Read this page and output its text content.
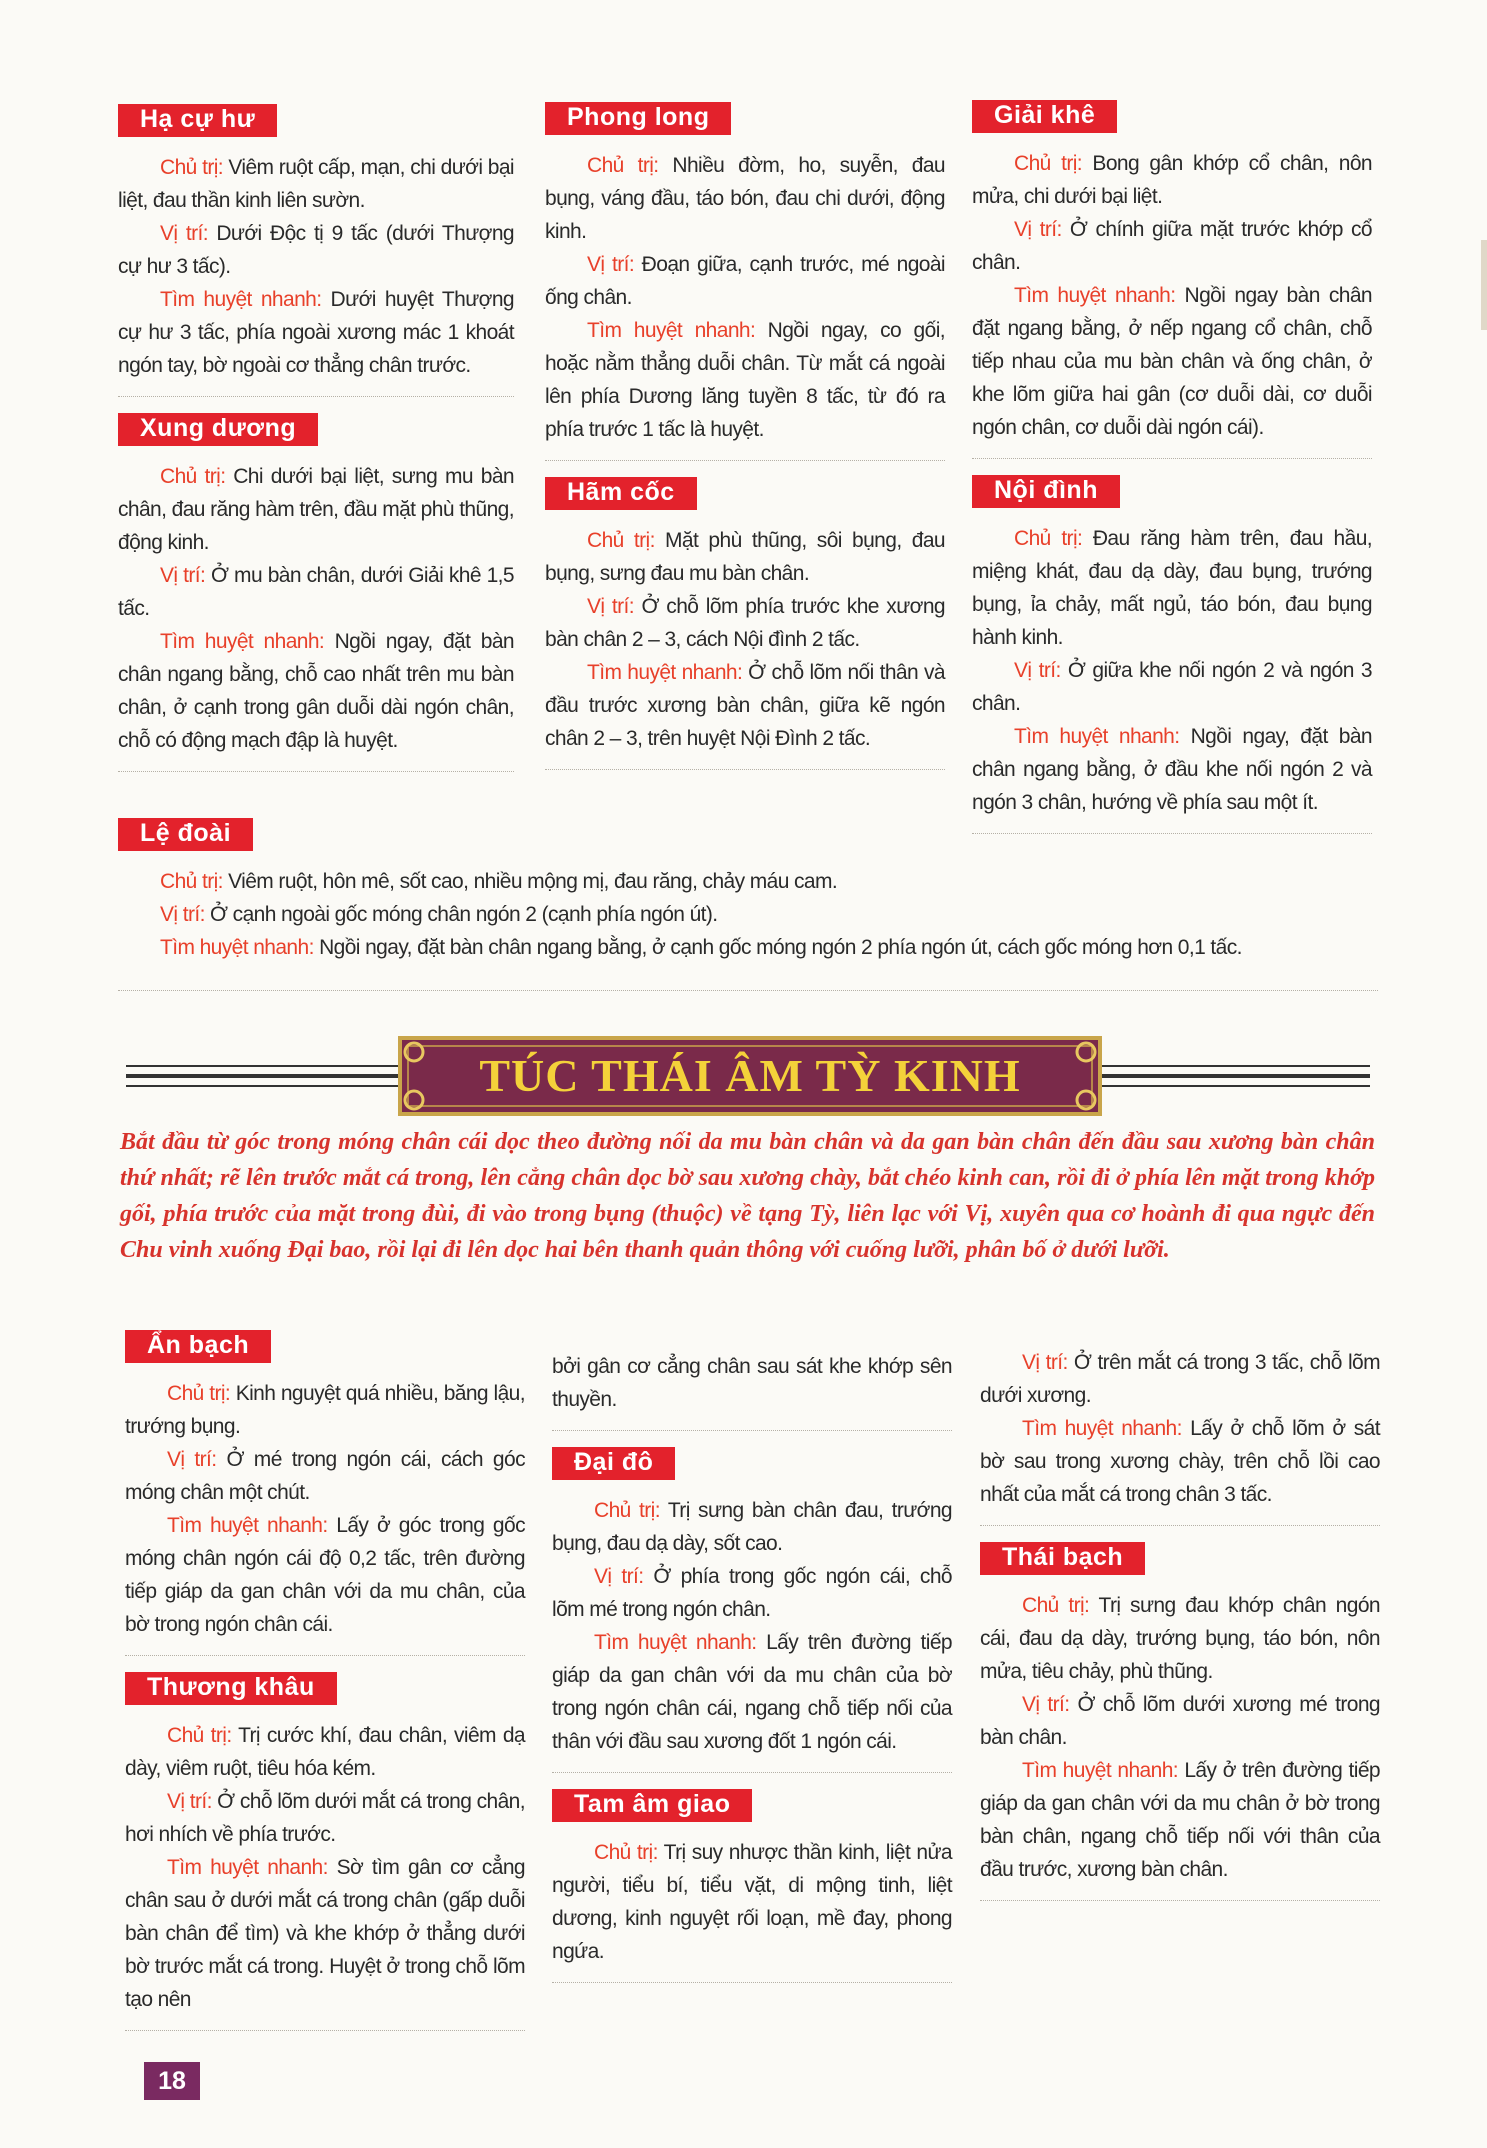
Hạ cự hư
Chủ trị: Viêm ruột cấp, mạn, chi dưới bại liệt, đau thần kinh liên sườn.
Vị trí: Dưới Độc tị 9 tấc (dưới Thượng cự hư 3 tấc).
Tìm huyệt nhanh: Dưới huyệt Thượng cự hư 3 tấc, phía ngoài xương mác 1 khoát ngón tay, bờ ngoài cơ thẳng chân trước.
Xung dương
Chủ trị: Chi dưới bại liệt, sưng mu bàn chân, đau răng hàm trên, đầu mặt phù thũng, động kinh.
Vị trí: Ở mu bàn chân, dưới Giải khê 1,5 tấc.
Tìm huyệt nhanh: Ngồi ngay, đặt bàn chân ngang bằng, chỗ cao nhất trên mu bàn chân, ở cạnh trong gân duỗi dài ngón chân, chỗ có động mạch đập là huyệt.
Phong long
Chủ trị: Nhiều đờm, ho, suyễn, đau bụng, váng đầu, táo bón, đau chi dưới, động kinh.
Vị trí: Đoạn giữa, cạnh trước, mé ngoài ống chân.
Tìm huyệt nhanh: Ngồi ngay, co gối, hoặc nằm thẳng duỗi chân. Từ mắt cá ngoài lên phía Dương lăng tuyền 8 tấc, từ đó ra phía trước 1 tấc là huyệt.
Hãm cốc
Chủ trị: Mặt phù thũng, sôi bụng, đau bụng, sưng đau mu bàn chân.
Vị trí: Ở chỗ lõm phía trước khe xương bàn chân 2 – 3, cách Nội đình 2 tấc.
Tìm huyệt nhanh: Ở chỗ lõm nối thân và đầu trước xương bàn chân, giữa kẽ ngón chân 2 – 3, trên huyệt Nội Đình 2 tấc.
Giải khê
Chủ trị: Bong gân khớp cổ chân, nôn mửa, chi dưới bại liệt.
Vị trí: Ở chính giữa mặt trước khớp cổ chân.
Tìm huyệt nhanh: Ngồi ngay bàn chân đặt ngang bằng, ở nếp ngang cổ chân, chỗ tiếp nhau của mu bàn chân và ống chân, ở khe lõm giữa hai gân (cơ duỗi dài, cơ duỗi ngón chân, cơ duỗi dài ngón cái).
Nội đình
Chủ trị: Đau răng hàm trên, đau hầu, miệng khát, đau dạ dày, đau bụng, trướng bụng, ỉa chảy, mất ngủ, táo bón, đau bụng hành kinh.
Vị trí: Ở giữa khe nối ngón 2 và ngón 3 chân.
Tìm huyệt nhanh: Ngồi ngay, đặt bàn chân ngang bằng, ở đầu khe nối ngón 2 và ngón 3 chân, hướng về phía sau một ít.
Lệ đoài
Chủ trị: Viêm ruột, hôn mê, sốt cao, nhiều mộng mị, đau răng, chảy máu cam.
Vị trí: Ở cạnh ngoài gốc móng chân ngón 2 (cạnh phía ngón út).
Tìm huyệt nhanh: Ngồi ngay, đặt bàn chân ngang bằng, ở cạnh gốc móng ngón 2 phía ngón út, cách gốc móng hơn 0,1 tấc.
TÚC THÁI ÂM TỲ KINH
Bắt đầu từ góc trong móng chân cái dọc theo đường nối da mu bàn chân và da gan bàn chân đến đầu sau xương bàn chân thứ nhất; rẽ lên trước mắt cá trong, lên cẳng chân dọc bờ sau xương chày, bắt chéo kinh can, rồi đi ở phía lên mặt trong khớp gối, phía trước của mặt trong đùi, đi vào trong bụng (thuộc) về tạng Tỳ, liên lạc với Vị, xuyên qua cơ hoành đi qua ngực đến Chu vinh xuống Đại bao, rồi lại đi lên dọc hai bên thanh quản thông với cuống lưỡi, phân bố ở dưới lưỡi.
Ẩn bạch
Chủ trị: Kinh nguyệt quá nhiều, băng lậu, trướng bụng.
Vị trí: Ở mé trong ngón cái, cách góc móng chân một chút.
Tìm huyệt nhanh: Lấy ở góc trong gốc móng chân ngón cái độ 0,2 tấc, trên đường tiếp giáp da gan chân với da mu chân, của bờ trong ngón chân cái.
Thương khâu
Chủ trị: Trị cước khí, đau chân, viêm dạ dày, viêm ruột, tiêu hóa kém.
Vị trí: Ở chỗ lõm dưới mắt cá trong chân, hơi nhích về phía trước.
Tìm huyệt nhanh: Sờ tìm gân cơ cẳng chân sau ở dưới mắt cá trong chân (gấp duỗi bàn chân để tìm) và khe khớp ở thẳng dưới bờ trước mắt cá trong. Huyệt ở trong chỗ lõm tạo nên
bởi gân cơ cẳng chân sau sát khe khớp sên thuyền.
Đại đô
Chủ trị: Trị sưng bàn chân đau, trướng bụng, đau dạ dày, sốt cao.
Vị trí: Ở phía trong gốc ngón cái, chỗ lõm mé trong ngón chân.
Tìm huyệt nhanh: Lấy trên đường tiếp giáp da gan chân với da mu chân của bờ trong ngón chân cái, ngang chỗ tiếp nối của thân với đầu sau xương đốt 1 ngón cái.
Tam âm giao
Chủ trị: Trị suy nhược thần kinh, liệt nửa người, tiểu bí, tiểu vặt, di mộng tinh, liệt dương, kinh nguyệt rối loạn, mề đay, phong ngứa.
Vị trí: Ở trên mắt cá trong 3 tấc, chỗ lõm dưới xương.
Tìm huyệt nhanh: Lấy ở chỗ lõm ở sát bờ sau trong xương chày, trên chỗ lồi cao nhất của mắt cá trong chân 3 tấc.
Thái bạch
Chủ trị: Trị sưng đau khớp chân ngón cái, đau dạ dày, trướng bụng, táo bón, nôn mửa, tiêu chảy, phù thũng.
Vị trí: Ở chỗ lõm dưới xương mé trong bàn chân.
Tìm huyệt nhanh: Lấy ở trên đường tiếp giáp da gan chân với da mu chân ở bờ trong bàn chân, ngang chỗ tiếp nối với thân của đầu trước, xương bàn chân.
18
